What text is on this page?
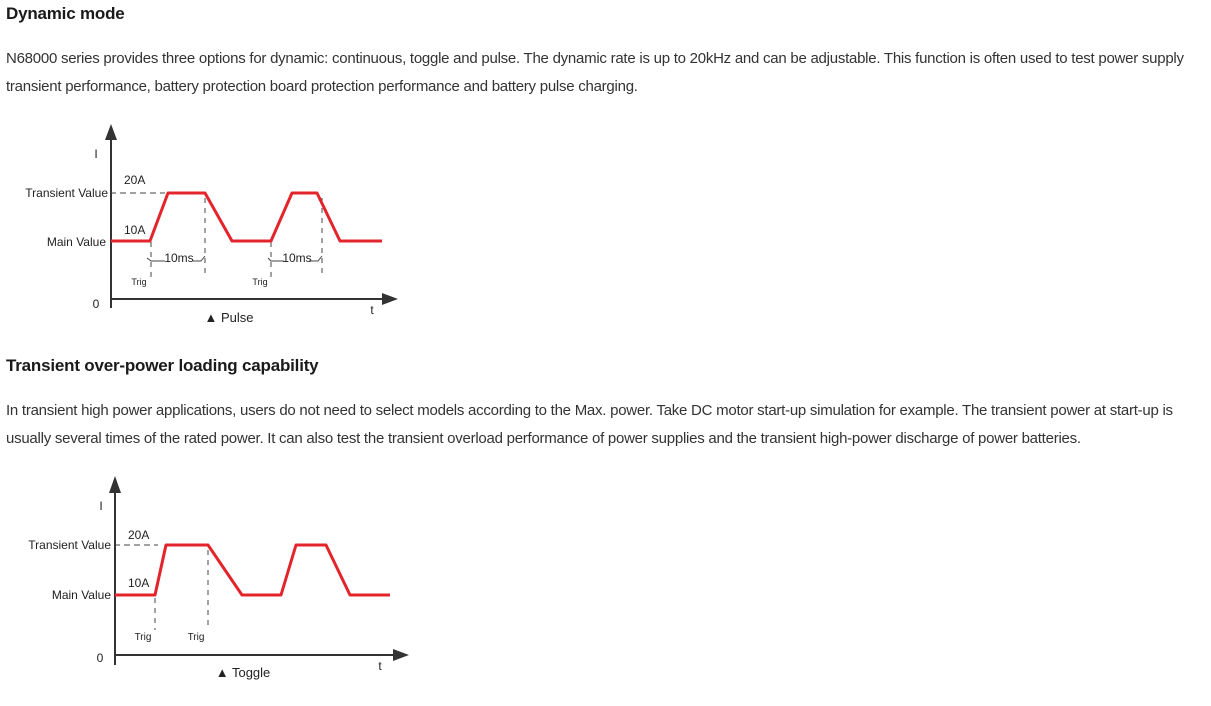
Dynamic mode

N68000 series provides three options for dynamic: continuous, toggle and pulse. The dynamic rate is up to 20kHz and can be adjustable. This function is often used to test power supply transient performance, battery protection board protection performance and battery pulse charging.

I
Transient Value
Main Value
0
20A
10A
10ms	10ms
Trig	Trig
t
▲ Pulse
Transient over-power loading capability

In transient high power applications, users do not need to select models according to the Max. power. Take DC motor start-up simulation for example. The transient power at start-up is usually several times of the rated power. It can also test the transient overload performance of power supplies and the transient high-power discharge of power batteries.

I
Transient Value
Main Value
0
20A
10A
Trig	Trig
t
▲ Toggle
